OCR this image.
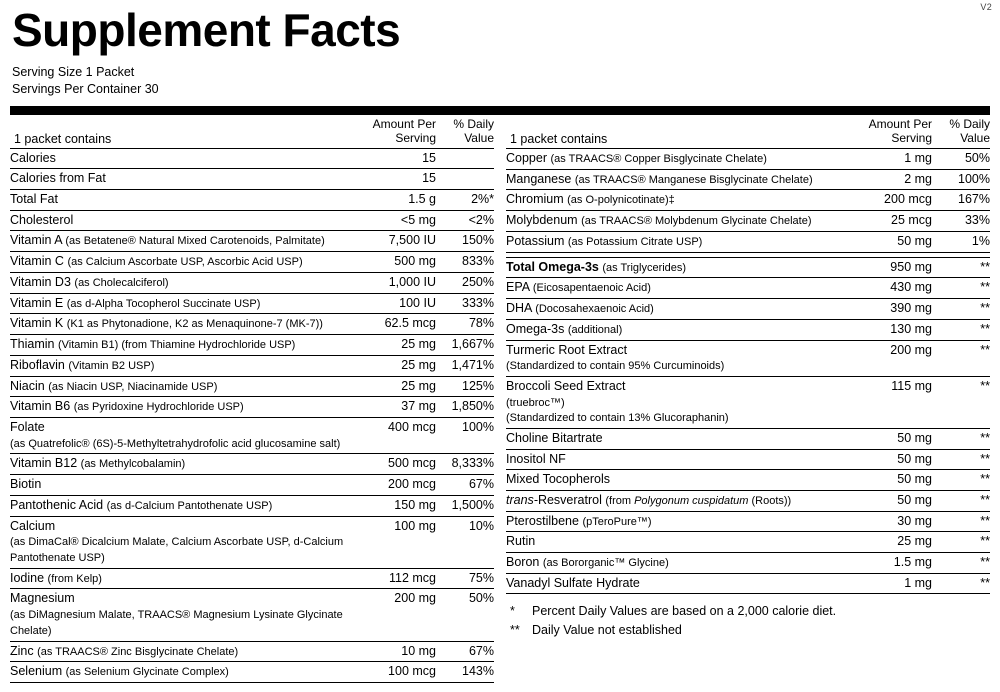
V2
Supplement Facts
Serving Size 1 Packet
Servings Per Container 30
1 packet contains	
Amount Per
Serving

% Daily
Value

Calories	15	
Calories from Fat	15	
Total Fat	1.5 g	2%*
Cholesterol	<5 mg	<2%
Vitamin A (as Betatene® Natural Mixed Carotenoids, Palmitate)	7,500 IU	150%
Vitamin C (as Calcium Ascorbate USP, Ascorbic Acid USP)	500 mg	833%
Vitamin D3 (as Cholecalciferol)	1,000 IU	250%
Vitamin E (as d-Alpha Tocopherol Succinate USP)	100 IU	333%
Vitamin K (K1 as Phytonadione, K2 as Menaquinone-7 (MK-7))	62.5 mcg	78%
Thiamin (Vitamin B1) (from Thiamine Hydrochloride USP)	25 mg	1,667%
Riboflavin (Vitamin B2 USP)	25 mg	1,471%
Niacin (as Niacin USP, Niacinamide USP)	25 mg	125%
Vitamin B6 (as Pyridoxine Hydrochloride USP)	37 mg	1,850%
Folate
(as Quatrefolic® (6S)-5-Methyltetrahydrofolic acid glucosamine salt)	400 mcg	100%
Vitamin B12 (as Methylcobalamin)	500 mcg	8,333%
Biotin	200 mcg	67%
Pantothenic Acid (as d-Calcium Pantothenate USP)	150 mg	1,500%
Calcium
(as DimaCal® Dicalcium Malate, Calcium Ascorbate USP, d-Calcium Pantothenate USP)	100 mg	10%
Iodine (from Kelp)	112 mcg	75%
Magnesium
(as DiMagnesium Malate, TRAACS® Magnesium Lysinate Glycinate Chelate)	200 mg	50%
Zinc (as TRAACS® Zinc Bisglycinate Chelate)	10 mg	67%
Selenium (as Selenium Glycinate Complex)	100 mcg	143%
1 packet contains	
Amount Per
Serving

% Daily
Value

Copper (as TRAACS® Copper Bisglycinate Chelate)	1 mg	50%
Manganese (as TRAACS® Manganese Bisglycinate Chelate)	2 mg	100%
Chromium (as O-polynicotinate)‡	200 mcg	167%
Molybdenum (as TRAACS® Molybdenum Glycinate Chelate)	25 mcg	33%
Potassium (as Potassium Citrate USP)	50 mg	1%

Total Omega-3s (as Triglycerides)	950 mg	**
EPA (Eicosapentaenoic Acid)	430 mg	**
DHA (Docosahexaenoic Acid)	390 mg	**
Omega-3s (additional)	130 mg	**
Turmeric Root Extract
(Standardized to contain 95% Curcuminoids)	200 mg	**
Broccoli Seed Extract
(truebroc™)
(Standardized to contain 13% Glucoraphanin)	115 mg	**
Choline Bitartrate	50 mg	**
Inositol NF	50 mg	**
Mixed Tocopherols	50 mg	**
trans-Resveratrol (from Polygonum cuspidatum (Roots))	50 mg	**
Pterostilbene (pTeroPure™)	30 mg	**
Rutin	25 mg	**
Boron (as Bororganic™ Glycine)	1.5 mg	**
Vanadyl Sulfate Hydrate	1 mg	**
*	Percent Daily Values are based on a 2,000 calorie diet.
** Daily Value not established
